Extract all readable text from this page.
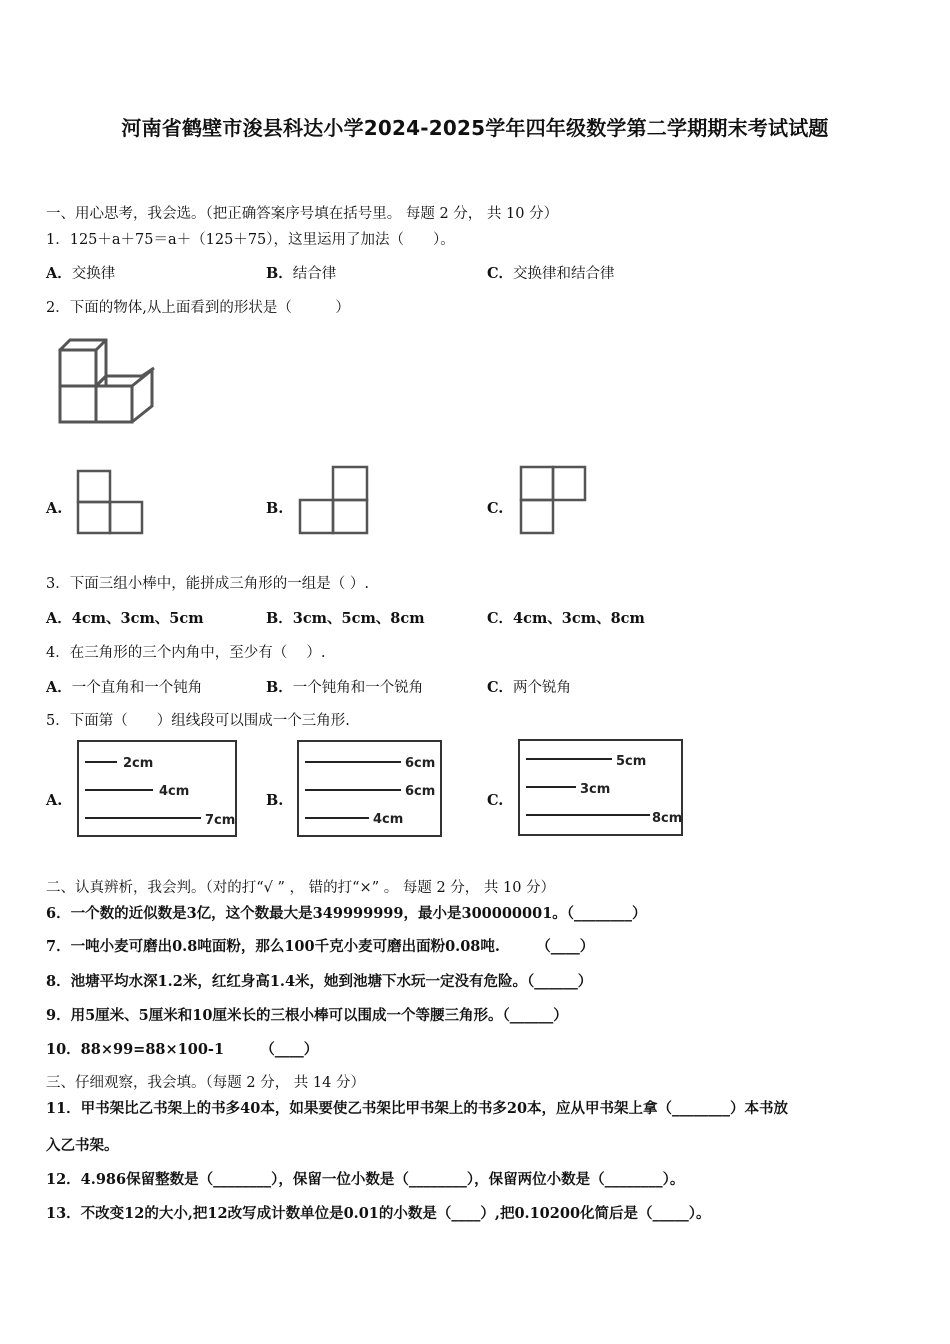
河南省鹤壁市浚县科达小学2024-2025学年四年级数学第二学期期末考试试题
一、用心思考，我会选。（把正确答案序号填在括号里。 每题 2 分， 共 10 分）
1．125＋a＋75＝a＋（125＋75），这里运用了加法（　　）。
A．交换律	B．结合律	C．交换律和结合律
2．下面的物体,从上面看到的形状是（　　　）
A.	B.	C.
3．下面三组小棒中，能拼成三角形的一组是（ ）.
A．4cm、3cm、5cm	B．3cm、5cm、8cm	C．4cm、3cm、8cm
4．在三角形的三个内角中，至少有（　 ）.
A．一个直角和一个钝角	B．一个钝角和一个锐角	C．两个锐角
5．下面第（　　）组线段可以围成一个三角形.
A.
2cm
4cm
7cm
B.
6cm
6cm
4cm
C.
5cm
3cm
8cm
二、认真辨析，我会判。（对的打“√ ” ， 错的打“×” 。 每题 2 分， 共 10 分）
6．一个数的近似数是3亿，这个数最大是349999999，最小是300000001。（________）
7．一吨小麦可磨出0.8吨面粉，那么100千克小麦可磨出面粉0.08吨.　　　（____）
8．池塘平均水深1.2米，红红身高1.4米，她到池塘下水玩一定没有危险。（______）
9．用5厘米、5厘米和10厘米长的三根小棒可以围成一个等腰三角形。（______）
10．88×99=88×100-1　　　（____）
三、仔细观察，我会填。（每题 2 分， 共 14 分）
11．甲书架比乙书架上的书多40本，如果要使乙书架比甲书架上的书多20本，应从甲书架上拿（________）本书放
入乙书架。
12．4.986保留整数是（________），保留一位小数是（________），保留两位小数是（________）。
13．不改变12的大小,把12改写成计数单位是0.01的小数是（____）,把0.10200化简后是（_____）。
